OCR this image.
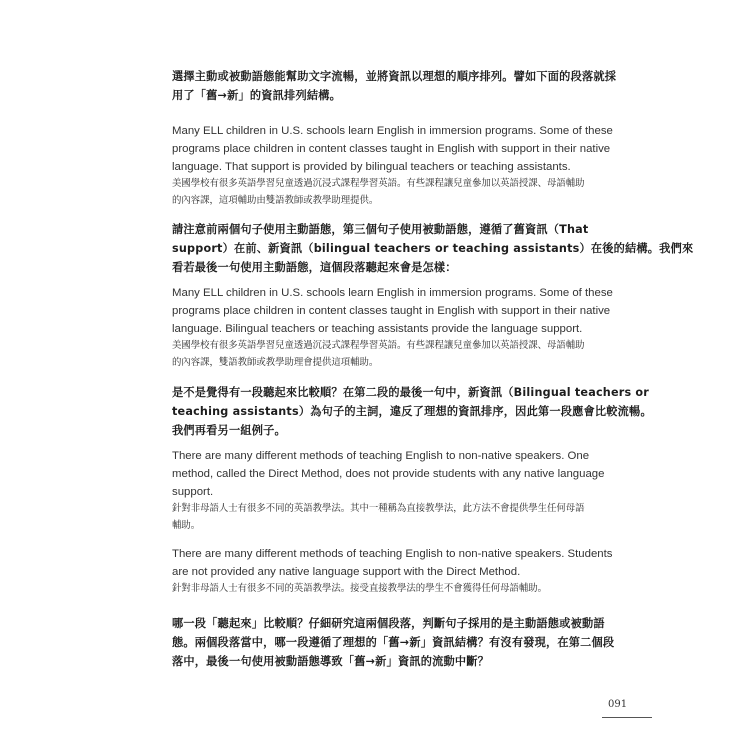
選擇主動或被動語態能幫助文字流暢，並將資訊以理想的順序排列。譬如下面的段落就採

用了「舊→新」的資訊排列結構。

Many ELL children in U.S. schools learn English in immersion programs. Some of these

programs place children in content classes taught in English with support in their native

language. That support is provided by bilingual teachers or teaching assistants.

美國學校有很多英語學習兒童透過沉浸式課程學習英語。有些課程讓兒童參加以英語授課、母語輔助

的內容課，這項輔助由雙語教師或教學助理提供。

請注意前兩個句子使用主動語態，第三個句子使用被動語態，遵循了舊資訊（That

support）在前、新資訊（bilingual teachers or teaching assistants）在後的結構。我們來

看若最後一句使用主動語態，這個段落聽起來會是怎樣：

Many ELL children in U.S. schools learn English in immersion programs. Some of these

programs place children in content classes taught in English with support in their native

language. Bilingual teachers or teaching assistants provide the language support.

美國學校有很多英語學習兒童透過沉浸式課程學習英語。有些課程讓兒童參加以英語授課、母語輔助

的內容課，雙語教師或教學助理會提供這項輔助。

是不是覺得有一段聽起來比較順？在第二段的最後一句中，新資訊（Bilingual teachers or

teaching assistants）為句子的主詞，違反了理想的資訊排序，因此第一段應會比較流暢。

我們再看另一組例子。

There are many different methods of teaching English to non-native speakers. One

method, called the Direct Method, does not provide students with any native language

support.

針對非母語人士有很多不同的英語教學法。其中一種稱為直接教學法，此方法不會提供學生任何母語

輔助。

There are many different methods of teaching English to non-native speakers. Students

are not provided any native language support with the Direct Method.

針對非母語人士有很多不同的英語教學法。接受直接教學法的學生不會獲得任何母語輔助。

哪一段「聽起來」比較順？仔細研究這兩個段落，判斷句子採用的是主動語態或被動語

態。兩個段落當中，哪一段遵循了理想的「舊→新」資訊結構？有沒有發現，在第二個段

落中，最後一句使用被動語態導致「舊→新」資訊的流動中斷？

091
